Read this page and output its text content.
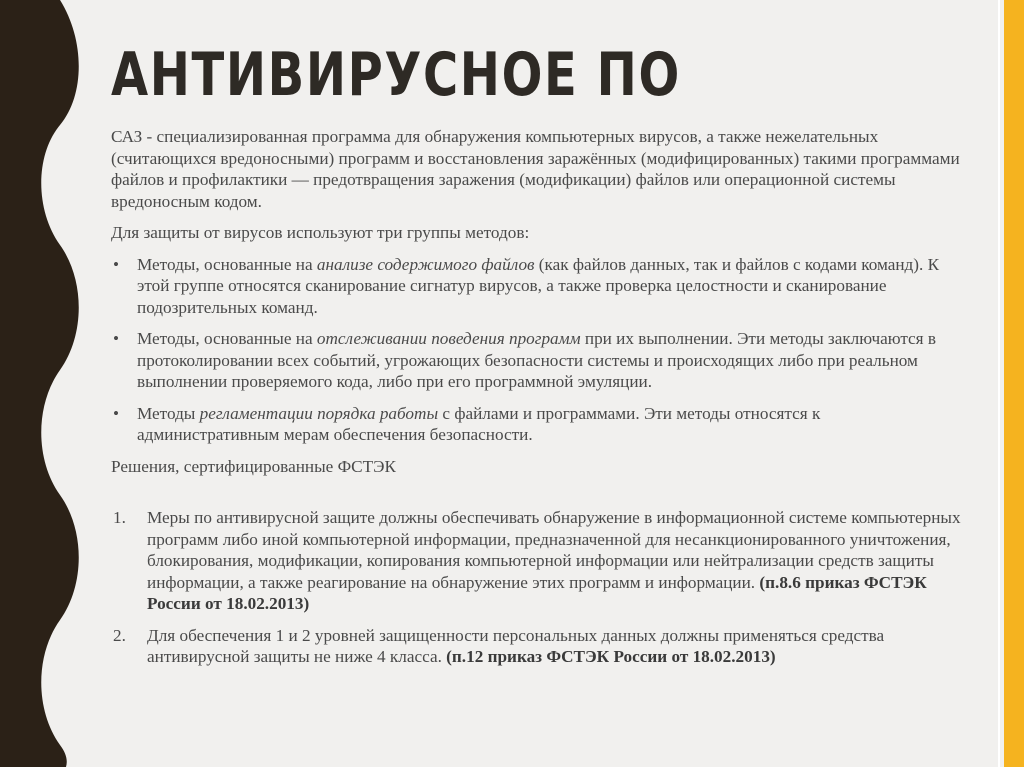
АНТИВИРУСНОЕ ПО

САЗ - специализированная программа для обнаружения компьютерных вирусов, а также нежелательных (считающихся вредоносными) программ и восстановления заражённых (модифицированных) такими программами файлов и профилактики — предотвращения заражения (модификации) файлов или операционной системы вредоносным кодом.

Для защиты от вирусов используют три группы методов:

• Методы, основанные на анализе содержимого файлов (как файлов данных, так и файлов с кодами команд). К этой группе относятся сканирование сигнатур вирусов, а также проверка целостности и сканирование подозрительных команд.
• Методы, основанные на отслеживании поведения программ при их выполнении. Эти методы заключаются в протоколировании всех событий, угрожающих безопасности системы и происходящих либо при реальном выполнении проверяемого кода, либо при его программной эмуляции.
• Методы регламентации порядка работы с файлами и программами. Эти методы относятся к административным мерам обеспечения безопасности.

Решения, сертифицированные ФСТЭК

1.	Меры по антивирусной защите должны обеспечивать обнаружение в информационной системе компьютерных программ либо иной компьютерной информации, предназначенной для несанкционированного уничтожения, блокирования, модификации, копирования компьютерной информации или нейтрализации средств защиты информации, а также реагирование на обнаружение этих программ и информации. (п.8.6 приказ ФСТЭК России от 18.02.2013)
2.	Для обеспечения 1 и 2 уровней защищенности персональных данных должны применяться средства антивирусной защиты не ниже 4 класса. (п.12 приказ ФСТЭК России от 18.02.2013)
